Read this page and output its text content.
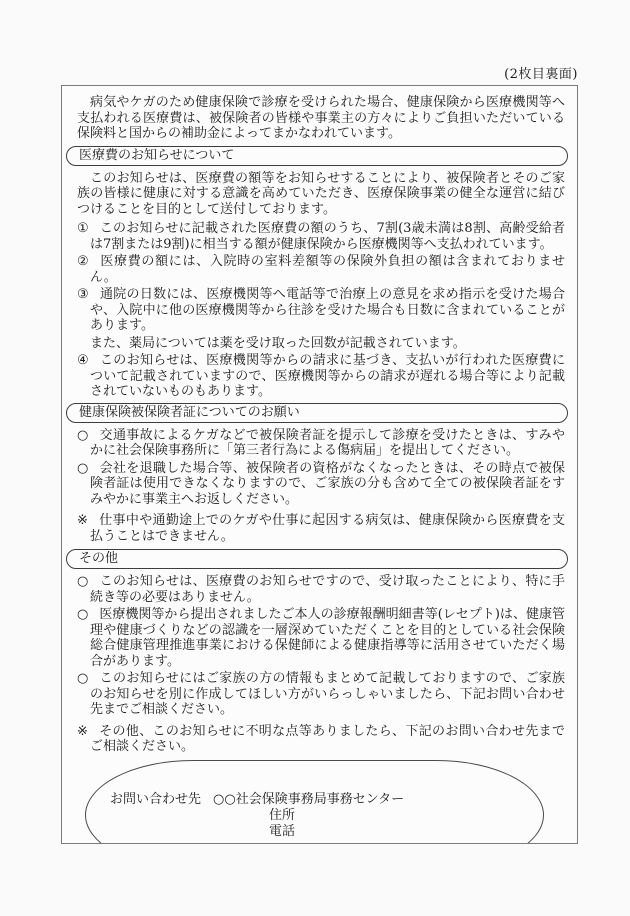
(2枚目裏面)

病気やケガのため健康保険で診療を受けられた場合、健康保険から医療機関等へ支払われる医療費は、被保険者の皆様や事業主の方々によりご負担いただいている保険料と国からの補助金によってまかなわれています。

医療費のお知らせについて

このお知らせは、医療費の額等をお知らせすることにより、被保険者とそのご家族の皆様に健康に対する意識を高めていただき、医療保険事業の健全な運営に結びつけることを目的として送付しております。

① このお知らせに記載された医療費の額のうち、7割(3歳未満は8割、高齢受給者は7割または9割)に相当する額が健康保険から医療機関等へ支払われています。
② 医療費の額には、入院時の室料差額等の保険外負担の額は含まれておりません。
③ 通院の日数には、医療機関等へ電話等で治療上の意見を求め指示を受けた場合や、入院中に他の医療機関等から往診を受けた場合も日数に含まれていることがあります。
また、薬局については薬を受け取った回数が記載されています。
④ このお知らせは、医療機関等からの請求に基づき、支払いが行われた医療費について記載されていますので、医療機関等からの請求が遅れる場合等により記載されていないものもあります。
健康保険被保険者証についてのお願い
○ 交通事故によるケガなどで被保険者証を提示して診療を受けたときは、すみやかに社会保険事務所に「第三者行為による傷病届」を提出してください。
○ 会社を退職した場合等、被保険者の資格がなくなったときは、その時点で被保険者証は使用できなくなりますので、ご家族の分も含めて全ての被保険者証をすみやかに事業主へお返しください。
※ 仕事中や通勤途上でのケガや仕事に起因する病気は、健康保険から医療費を支払うことはできません。
その他
○ このお知らせは、医療費のお知らせですので、受け取ったことにより、特に手続き等の必要はありません。
○ 医療機関等から提出されましたご本人の診療報酬明細書等(レセプト)は、健康管理や健康づくりなどの認識を一層深めていただくことを目的としている社会保険総合健康管理推進事業における保健師による健康指導等に活用させていただく場合があります。
○ このお知らせにはご家族の方の情報もまとめて記載しておりますので、ご家族のお知らせを別に作成してほしい方がいらっしゃいましたら、下記お問い合わせ先までご相談ください。
※ その他、このお知らせに不明な点等ありましたら、下記のお問い合わせ先までご相談ください。
お問い合わせ先 ○○社会保険事務局事務センター
住所
電話
